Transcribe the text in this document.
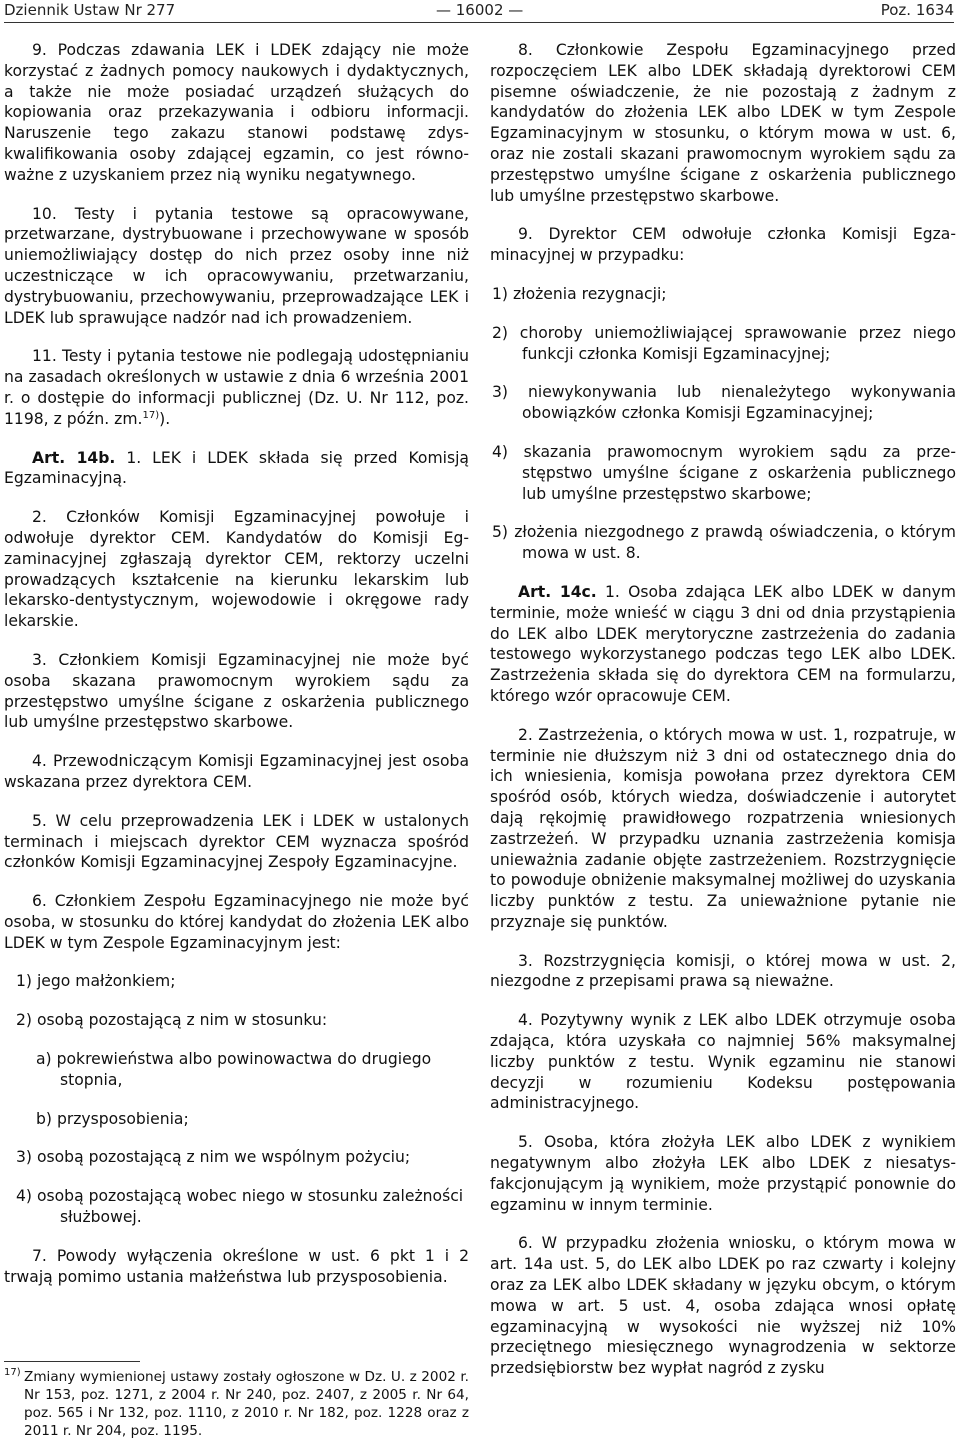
Dziennik Ustaw Nr 277	— 16002 —	Poz. 1634

9. Podczas zdawania LEK i LDEK zdający nie może korzystać z żadnych pomocy naukowych i dydaktycznych, a także nie może posiadać urządzeń służących do kopiowania oraz przekazywania i odbioru informacji. Naruszenie tego zakazu stanowi podstawę zdyskwalifikowania osoby zdającej egzamin, co jest równoważne z uzyskaniem przez nią wyniku negatywnego.

10. Testy i pytania testowe są opracowywane, przetwarzane, dystrybuowane i przechowywane w sposób uniemożliwiający dostęp do nich przez osoby inne niż uczestniczące w ich opracowywaniu, przetwarzaniu, dystrybuowaniu, przechowywaniu, przeprowadzające LEK i LDEK lub sprawujące nadzór nad ich prowadzeniem.

11. Testy i pytania testowe nie podlegają udostępnianiu na zasadach określonych w ustawie z dnia 6 września 2001 r. o dostępie do informacji publicznej (Dz. U. Nr 112, poz. 1198, z późn. zm.$^{17)}$).

Art. 14b. 1. LEK i LDEK składa się przed Komisją Egzaminacyjną.

2. Członków Komisji Egzaminacyjnej powołuje i odwołuje dyrektor CEM. Kandydatów do Komisji Egzaminacyjnej zgłaszają dyrektor CEM, rektorzy uczelni prowadzących kształcenie na kierunku lekarskim lub lekarsko-dentystycznym, wojewodowie i okręgowe rady lekarskie.

3. Członkiem Komisji Egzaminacyjnej nie może być osoba skazana prawomocnym wyrokiem sądu za przestępstwo umyślne ścigane z oskarżenia publicznego lub umyślne przestępstwo skarbowe.

4. Przewodniczącym Komisji Egzaminacyjnej jest osoba wskazana przez dyrektora CEM.

5. W celu przeprowadzenia LEK i LDEK w ustalonych terminach i miejscach dyrektor CEM wyznacza spośród członków Komisji Egzaminacyjnej Zespoły Egzaminacyjne.

6. Członkiem Zespołu Egzaminacyjnego nie może być osoba, w stosunku do której kandydat do złożenia LEK albo LDEK w tym Zespole Egzaminacyjnym jest:

1) jego małżonkiem;
2) osobą pozostającą z nim w stosunku:
a) pokrewieństwa albo powinowactwa do drugiego stopnia,
b) przysposobienia;
3) osobą pozostającą z nim we wspólnym pożyciu;
4) osobą pozostającą wobec niego w stosunku zależności służbowej.

7. Powody wyłączenia określone w ust. 6 pkt 1 i 2 trwają pomimo ustania małżeństwa lub przysposobienia.

17) Zmiany wymienionej ustawy zostały ogłoszone w Dz. U. z 2002 r. Nr 153, poz. 1271, z 2004 r. Nr 240, poz. 2407, z 2005 r. Nr 64, poz. 565 i Nr 132, poz. 1110, z 2010 r. Nr 182, poz. 1228 oraz z 2011 r. Nr 204, poz. 1195.

8. Członkowie Zespołu Egzaminacyjnego przed rozpoczęciem LEK albo LDEK składają dyrektorowi CEM pisemne oświadczenie, że nie pozostają z żadnym z kandydatów do złożenia LEK albo LDEK w tym Zespole Egzaminacyjnym w stosunku, o którym mowa w ust. 6, oraz nie zostali skazani prawomocnym wyrokiem sądu za przestępstwo umyślne ścigane z oskarżenia publicznego lub umyślne przestępstwo skarbowe.

9. Dyrektor CEM odwołuje członka Komisji Egzaminacyjnej w przypadku:

1) złożenia rezygnacji;
2) choroby uniemożliwiającej sprawowanie przez niego funkcji członka Komisji Egzaminacyjnej;
3) niewykonywania lub nienależytego wykonywania obowiązków członka Komisji Egzaminacyjnej;
4) skazania prawomocnym wyrokiem sądu za przestępstwo umyślne ścigane z oskarżenia publicznego lub umyślne przestępstwo skarbowe;
5) złożenia niezgodnego z prawdą oświadczenia, o którym mowa w ust. 8.

Art. 14c. 1. Osoba zdająca LEK albo LDEK w danym terminie, może wnieść w ciągu 3 dni od dnia przystąpienia do LEK albo LDEK merytoryczne zastrzeżenia do zadania testowego wykorzystanego podczas tego LEK albo LDEK. Zastrzeżenia składa się do dyrektora CEM na formularzu, którego wzór opracowuje CEM.

2. Zastrzeżenia, o których mowa w ust. 1, rozpatruje, w terminie nie dłuższym niż 3 dni od ostatecznego dnia do ich wniesienia, komisja powołana przez dyrektora CEM spośród osób, których wiedza, doświadczenie i autorytet dają rękojmię prawidłowego rozpatrzenia wniesionych zastrzeżeń. W przypadku uznania zastrzeżenia komisja unieważnia zadanie objęte zastrzeżeniem. Rozstrzygnięcie to powoduje obniżenie maksymalnej możliwej do uzyskania liczby punktów z testu. Za unieważnione pytanie nie przyznaje się punktów.

3. Rozstrzygnięcia komisji, o której mowa w ust. 2, niezgodne z przepisami prawa są nieważne.

4. Pozytywny wynik z LEK albo LDEK otrzymuje osoba zdająca, która uzyskała co najmniej 56% maksymalnej liczby punktów z testu. Wynik egzaminu nie stanowi decyzji w rozumieniu Kodeksu postępowania administracyjnego.

5. Osoba, która złożyła LEK albo LDEK z wynikiem negatywnym albo złożyła LEK albo LDEK z niesatysfakcjonującym ją wynikiem, może przystąpić ponownie do egzaminu w innym terminie.

6. W przypadku złożenia wniosku, o którym mowa w art. 14a ust. 5, do LEK albo LDEK po raz czwarty i kolejny oraz za LEK albo LDEK składany w języku obcym, o którym mowa w art. 5 ust. 4, osoba zdająca wnosi opłatę egzaminacyjną w wysokości nie wyższej niż 10% przeciętnego miesięcznego wynagrodzenia w sektorze przedsiębiorstw bez wypłat nagród z zysku
